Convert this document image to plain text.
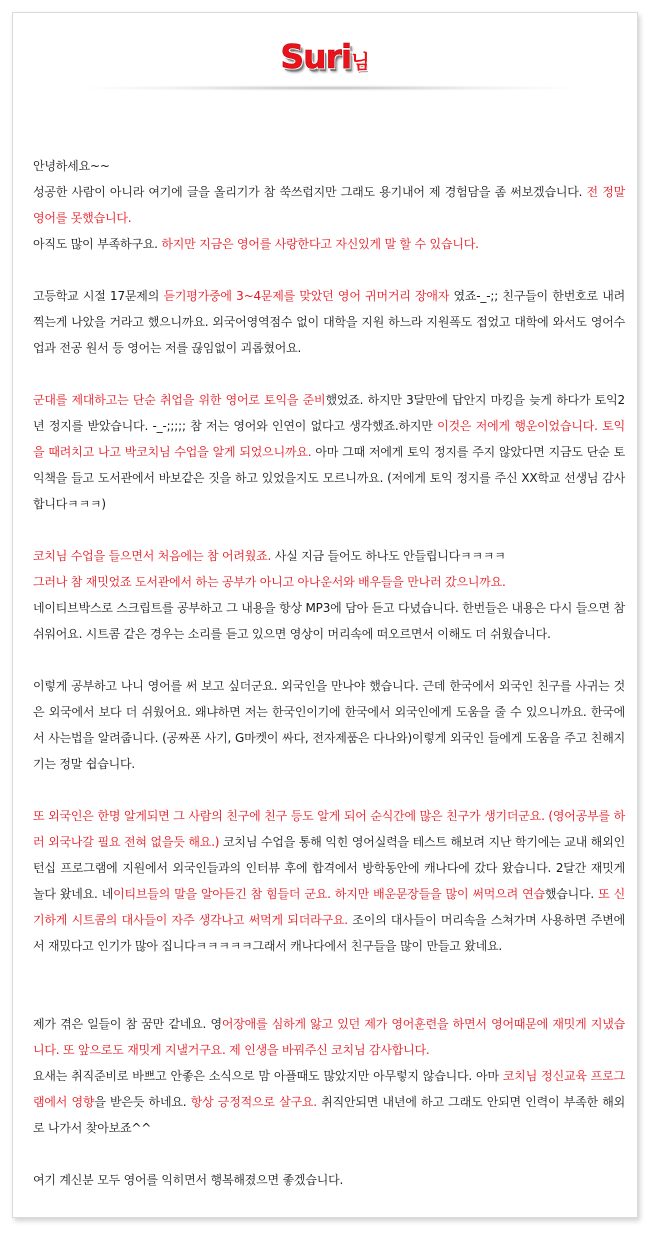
Suri님

안녕하세요~~

성공한 사람이 아니라 여기에 글을 올리기가 참 쑥쓰럽지만 그래도 용기내어 제 경험담을 좀 써보겠습니다. 전 정말 영어를 못했습니다.

아직도 많이 부족하구요. 하지만 지금은 영어를 사랑한다고 자신있게 말 할 수 있습니다.

고등학교 시절 17문제의 듣기평가중에 3~4문제를 맞았던 영어 귀머거리 장애자 였죠-_-;; 친구들이 한번호로 내려 찍는게 나았을 거라고 했으니까요. 외국어영역점수 없이 대학을 지원 하느라 지원폭도 접었고 대학에 와서도 영어수업과 전공 원서 등 영어는 저를 끊임없이 괴롭혔어요.

군대를 제대하고는 단순 취업을 위한 영어로 토익을 준비했었죠. 하지만 3달만에 답안지 마킹을 늦게 하다가 토익2년 정지를 받았습니다. -_-;;;;; 참 저는 영어와 인연이 없다고 생각했죠.하지만 이것은 저에게 행운이었습니다. 토익을 때려치고 나고 박코치님 수업을 알게 되었으니까요. 아마 그때 저에게 토익 정지를 주지 않았다면 지금도 단순 토익책을 들고 도서관에서 바보같은 짓을 하고 있었을지도 모르니까요. (저에게 토익 정지를 주신 XX학교 선생님 감사합니다ㅋㅋㅋ)

코치님 수업을 들으면서 처음에는 참 어려웠죠. 사실 지금 들어도 하나도 안들립니다ㅋㅋㅋㅋ

그러나 참 재밋었죠 도서관에서 하는 공부가 아니고 아나운서와 배우들을 만나러 갔으니까요.

네이티브박스로 스크립트를 공부하고 그 내용을 항상 MP3에 담아 듣고 다녔습니다. 한번들은 내용은 다시 들으면 참 쉬워어요. 시트콤 같은 경우는 소리를 듣고 있으면 영상이 머리속에 떠오르면서 이해도 더 쉬웠습니다.

이렇게 공부하고 나니 영어를 써 보고 싶더군요. 외국인을 만나야 했습니다. 근데 한국에서 외국인 친구를 사귀는 것은 외국에서 보다 더 쉬웠어요. 왜냐하면 저는 한국인이기에 한국에서 외국인에게 도움을 줄 수 있으니까요. 한국에서 사는법을 알려줍니다. (공짜폰 사기, G마켓이 싸다, 전자제품은 다나와)이렇게 외국인 들에게 도움을 주고 친해지기는 정말 쉽습니다.

또 외국인은 한명 알게되면 그 사람의 친구에 친구 등도 알게 되어 순식간에 많은 친구가 생기더군요. (영어공부를 하러 외국나갈 필요 전혀 없을듯 해요.) 코치님 수업을 통해 익힌 영어실력을 테스트 해보려 지난 학기에는 교내 해외인턴십 프로그램에 지원에서 외국인들과의 인터뷰 후에 합격에서 방학동안에 캐나다에 갔다 왔습니다. 2달간 재밋게 놀다 왔네요. 네이티브들의 말을 알아듣긴 참 힘들더 군요. 하지만 배운문장들을 많이 써먹으려 연습했습니다. 또 신기하게 시트콤의 대사들이 자주 생각나고 써먹게 되더라구요. 조이의 대사들이 머리속을 스쳐가며 사용하면 주변에서 재밌다고 인기가 많아 집니다ㅋㅋㅋㅋㅋ그래서 캐나다에서 친구들을 많이 만들고 왔네요.

제가 겪은 일들이 참 꿈만 같네요. 영어장애를 심하게 앓고 있던 제가 영어훈련을 하면서 영어때문에 재밋게 지냈습니다. 또 앞으로도 재밋게 지낼거구요. 제 인생을 바꿔주신 코치님 감사합니다.

요새는 취직준비로 바쁘고 안좋은 소식으로 맘 아플때도 많았지만 아무렇지 않습니다. 아마 코치님 정신교육 프로그램에서 영향을 받은듯 하네요. 항상 긍정적으로 살구요. 취직안되면 내년에 하고 그래도 안되면 인력이 부족한 해외로 나가서 찾아보죠^^

여기 계신분 모두 영어를 익히면서 행복해졌으면 좋겠습니다.
